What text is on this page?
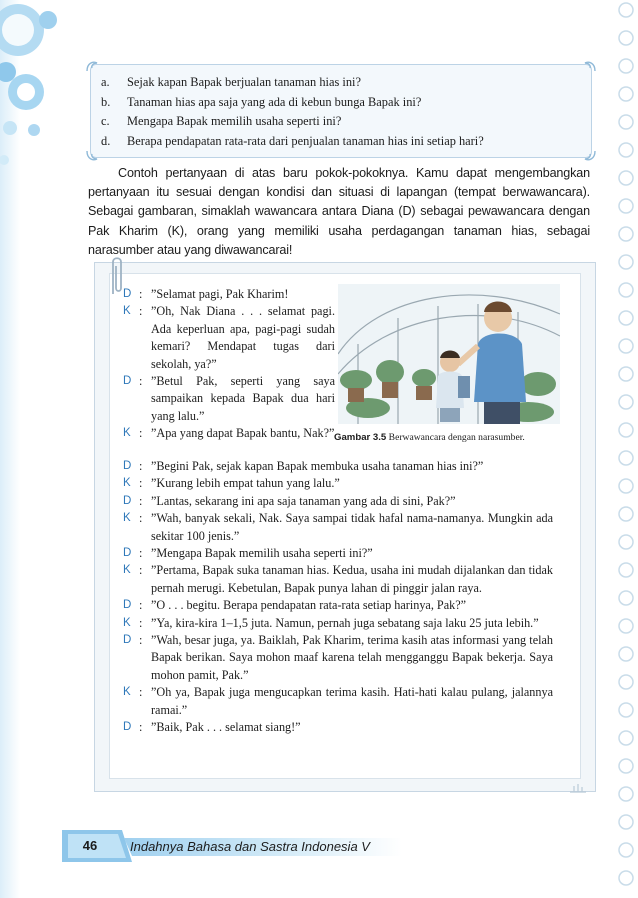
a.	Sejak kapan Bapak berjualan tanaman hias ini?
b.	Tanaman hias apa saja yang ada di kebun bunga Bapak ini?
c.	Mengapa Bapak memilih usaha seperti ini?
d.	Berapa pendapatan rata-rata dari penjualan tanaman hias ini setiap hari?

Contoh pertanyaan di atas baru pokok-pokoknya. Kamu dapat mengembangkan pertanyaan itu sesuai dengan kondisi dan situasi di lapangan (tempat berwawancara). Sebagai gambaran, simaklah wawancara antara Diana (D) sebagai pewawancara dengan Pak Kharim (K), orang yang memiliki usaha perdagangan tanaman hias, sebagai narasumber atau yang diwawancarai!

Gambar 3.5 Berwawancara dengan narasumber.
D : ”Selamat pagi, Pak Kharim!
K : ”Oh, Nak Diana . . . selamat pagi. Ada keperluan apa, pagi-pagi sudah kemari? Mendapat tugas dari sekolah, ya?”
D : ”Betul Pak, seperti yang saya sampaikan kepada Bapak dua hari yang lalu.”
K : ”Apa yang dapat Bapak bantu, Nak?”
D : ”Begini Pak, sejak kapan Bapak membuka usaha tanaman hias ini?”
K : ”Kurang lebih empat tahun yang lalu.”
D : ”Lantas, sekarang ini apa saja tanaman yang ada di sini, Pak?”
K : ”Wah, banyak sekali, Nak. Saya sampai tidak hafal nama-namanya. Mungkin ada sekitar 100 jenis.”
D : ”Mengapa Bapak memilih usaha seperti ini?”
K : ”Pertama, Bapak suka tanaman hias. Kedua, usaha ini mudah dijalankan dan tidak pernah merugi. Kebetulan, Bapak punya lahan di pinggir jalan raya.
D : ”O . . . begitu. Berapa pendapatan rata-rata setiap harinya, Pak?”
K : ”Ya, kira-kira 1–1,5 juta. Namun, pernah juga sebatang saja laku 25 juta lebih.”
D : ”Wah, besar juga, ya. Baiklah, Pak Kharim, terima kasih atas informasi yang telah Bapak berikan. Saya mohon maaf karena telah mengganggu Bapak bekerja. Saya mohon pamit, Pak.”
K : ”Oh ya, Bapak juga mengucapkan terima kasih. Hati-hati kalau pulang, jalannya ramai.”
D : ”Baik, Pak . . . selamat siang!”
46	Indahnya Bahasa dan Sastra Indonesia V
